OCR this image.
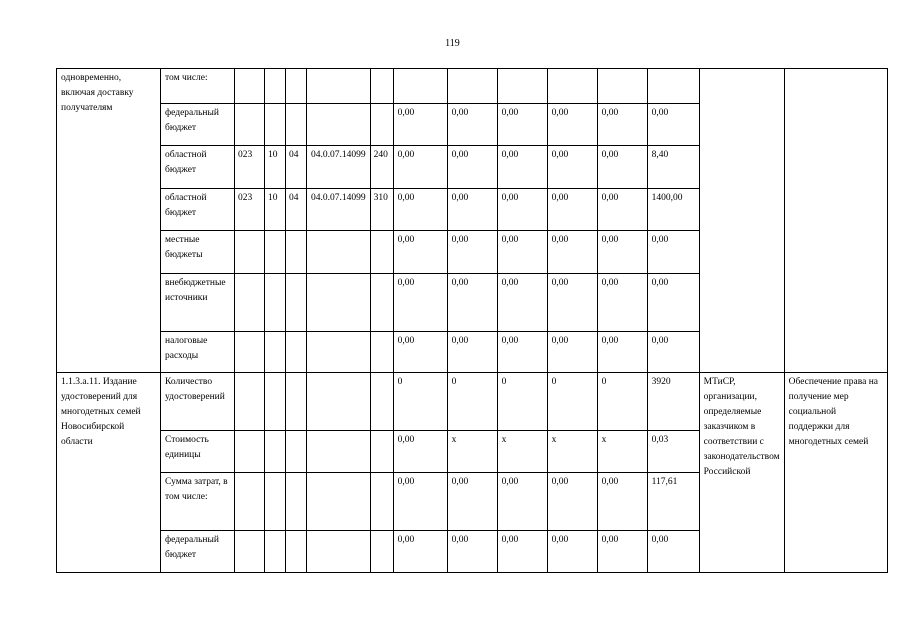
119
одновременно, включая доставку получателям	том числе:													
	федеральный бюджет						0,00	0,00	0,00	0,00	0,00	0,00		
	областной бюджет	023	10	04	04.0.07.14099	240	0,00	0,00	0,00	0,00	0,00	8,40		
	областной бюджет	023	10	04	04.0.07.14099	310	0,00	0,00	0,00	0,00	0,00	1400,00		
	местные бюджеты						0,00	0,00	0,00	0,00	0,00	0,00		
	внебюджетные источники						0,00	0,00	0,00	0,00	0,00	0,00		
	налоговые расходы						0,00	0,00	0,00	0,00	0,00	0,00		
1.1.3.а.11. Издание удостоверений для многодетных семей Новосибирской области	Количество удостоверений						0	0	0	0	0	3920	МТиСР, организации, определяемые заказчиком в соответствии с законодательством Российской	Обеспечение права на получение мер социальной поддержки для многодетных семей
	Стоимость единицы						0,00	х	х	х	х	0,03		
	Сумма затрат, в том числе:						0,00	0,00	0,00	0,00	0,00	117,61		
	федеральный бюджет						0,00	0,00	0,00	0,00	0,00	0,00		
